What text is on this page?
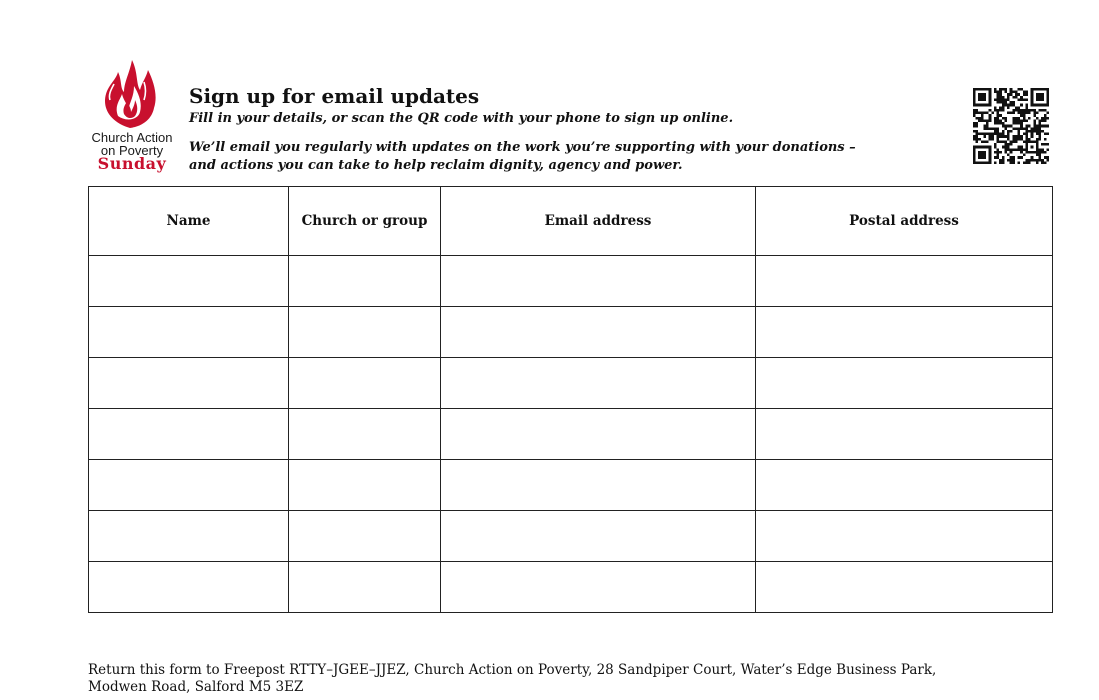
Church Action
on Poverty
Sunday
Sign up for email updates
Fill in your details, or scan the QR code with your phone to sign up online.
We’ll email you regularly with updates on the work you’re supporting with your donations –
and actions you can take to help reclaim dignity, agency and power.
Name	Church or group	Email address	Postal address

Return this form to Freepost RTTY–JGEE–JJEZ, Church Action on Poverty, 28 Sandpiper Court, Water’s Edge Business Park,
Modwen Road, Salford M5 3EZ
